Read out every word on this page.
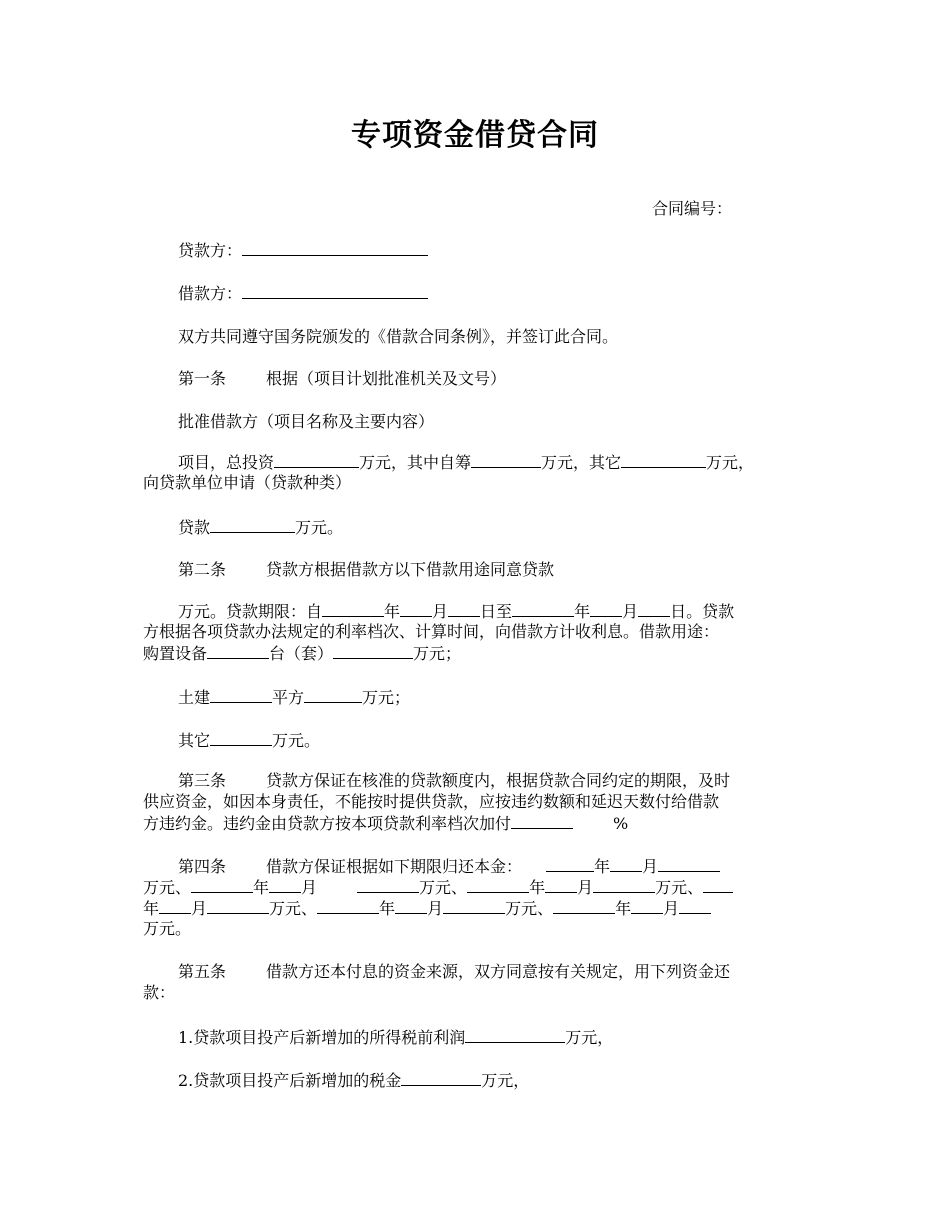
专项资金借贷合同
合同编号：
贷款方：
借款方：
双方共同遵守国务院颁发的《借款合同条例》，并签订此合同。
第一条	根据（项目计划批准机关及文号）
批准借款方（项目名称及主要内容）
项目，总投资	万元，其中自筹	万元，其它	万元，
向贷款单位申请（贷款种类）
贷款	万元。
第二条	贷款方根据借款方以下借款用途同意贷款
万元。贷款期限：自	年 月 日至	年 月 日。贷款
方根据各项贷款办法规定的利率档次、计算时间，向借款方计收利息。借款用途：
购置设备	台（套）	万元；
土建	平方	万元；
其它	万元。
第三条	贷款方保证在核准的贷款额度内，根据贷款合同约定的期限，及时
供应资金，如因本身责任，不能按时提供贷款，应按违约数额和延迟天数付给借款
方违约金。违约金由贷款方按本项贷款利率档次加付	%
第四条	借款方保证根据如下期限归还本金：	年 月
万元、	年 月	万元、	年 月	万元、
年 月	万元、	年 月	万元、	年 月
万元。
第五条	借款方还本付息的资金来源，双方同意按有关规定，用下列资金还
款：
1.贷款项目投产后新增加的所得税前利润	万元，
2.贷款项目投产后新增加的税金	万元，
